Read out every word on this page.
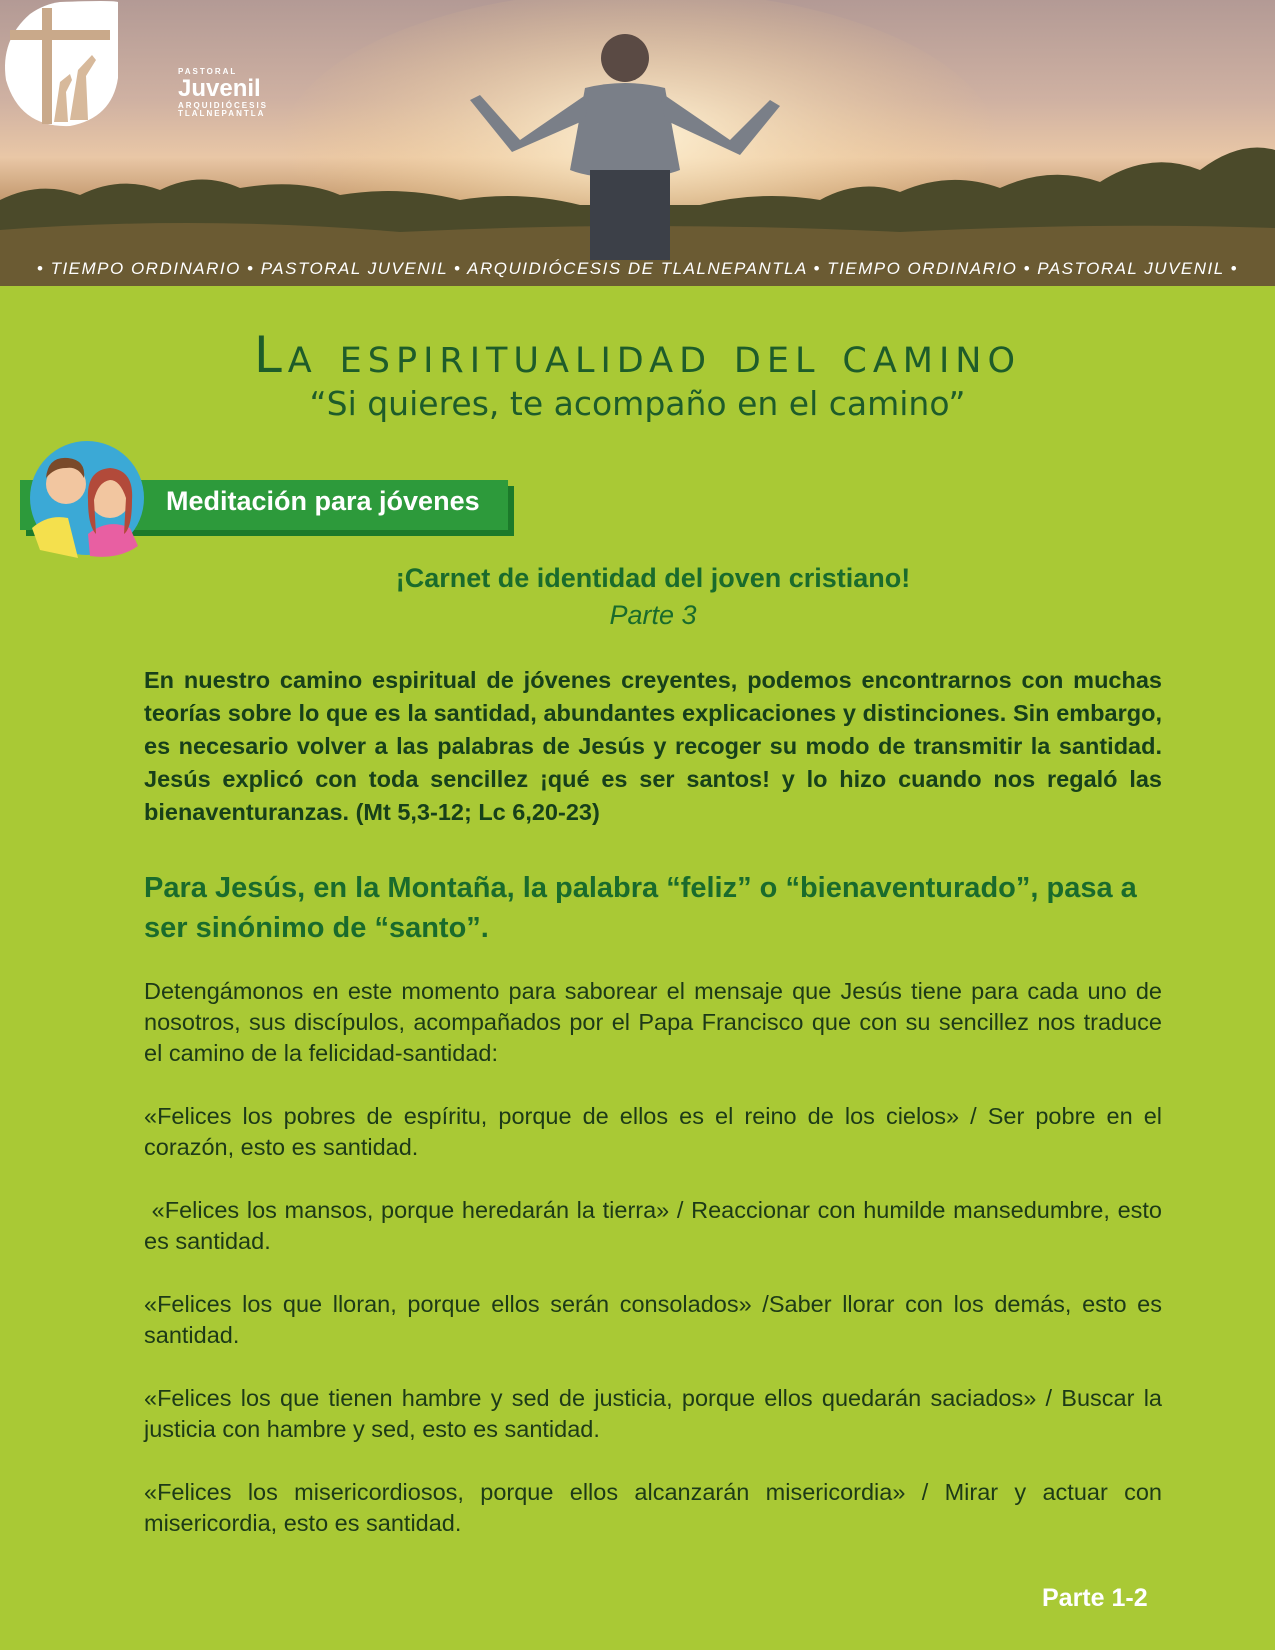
PASTORAL
Juvenil
ARQUIDIÓCESIS
TLALNEPANTLA
• TIEMPO ORDINARIO • PASTORAL JUVENIL • ARQUIDIÓCESIS DE TLALNEPANTLA • TIEMPO ORDINARIO • PASTORAL JUVENIL •
La espiritualidad del camino
“Si quieres, te acompaño en el camino”
Meditación para jóvenes
¡Carnet de identidad del joven cristiano!
Parte 3
En nuestro camino espiritual de jóvenes creyentes, podemos encontrarnos con muchas teorías sobre lo que es la santidad, abundantes explicaciones y distinciones. Sin embargo, es necesario volver a las palabras de Jesús y recoger su modo de transmitir la santidad. Jesús explicó con toda sencillez ¡qué es ser santos! y lo hizo cuando nos regaló las bienaventuranzas. (Mt 5,3-12; Lc 6,20-23)
Para Jesús, en la Montaña, la palabra “feliz” o “bienaventurado”, pasa a ser sinónimo de “santo”.
Detengámonos en este momento para saborear el mensaje que Jesús tiene para cada uno de nosotros, sus discípulos, acompañados por el Papa Francisco que con su sencillez nos traduce el camino de la felicidad-santidad:
«Felices los pobres de espíritu, porque de ellos es el reino de los cielos» / Ser pobre en el corazón, esto es santidad.
«Felices los mansos, porque heredarán la tierra» / Reaccionar con humilde mansedumbre, esto es santidad.
«Felices los que lloran, porque ellos serán consolados» /Saber llorar con los demás, esto es santidad.
«Felices los que tienen hambre y sed de justicia, porque ellos quedarán saciados» / Buscar la justicia con hambre y sed, esto es santidad.
«Felices los misericordiosos, porque ellos alcanzarán misericordia» / Mirar y actuar con misericordia, esto es santidad.
Parte 1-2
